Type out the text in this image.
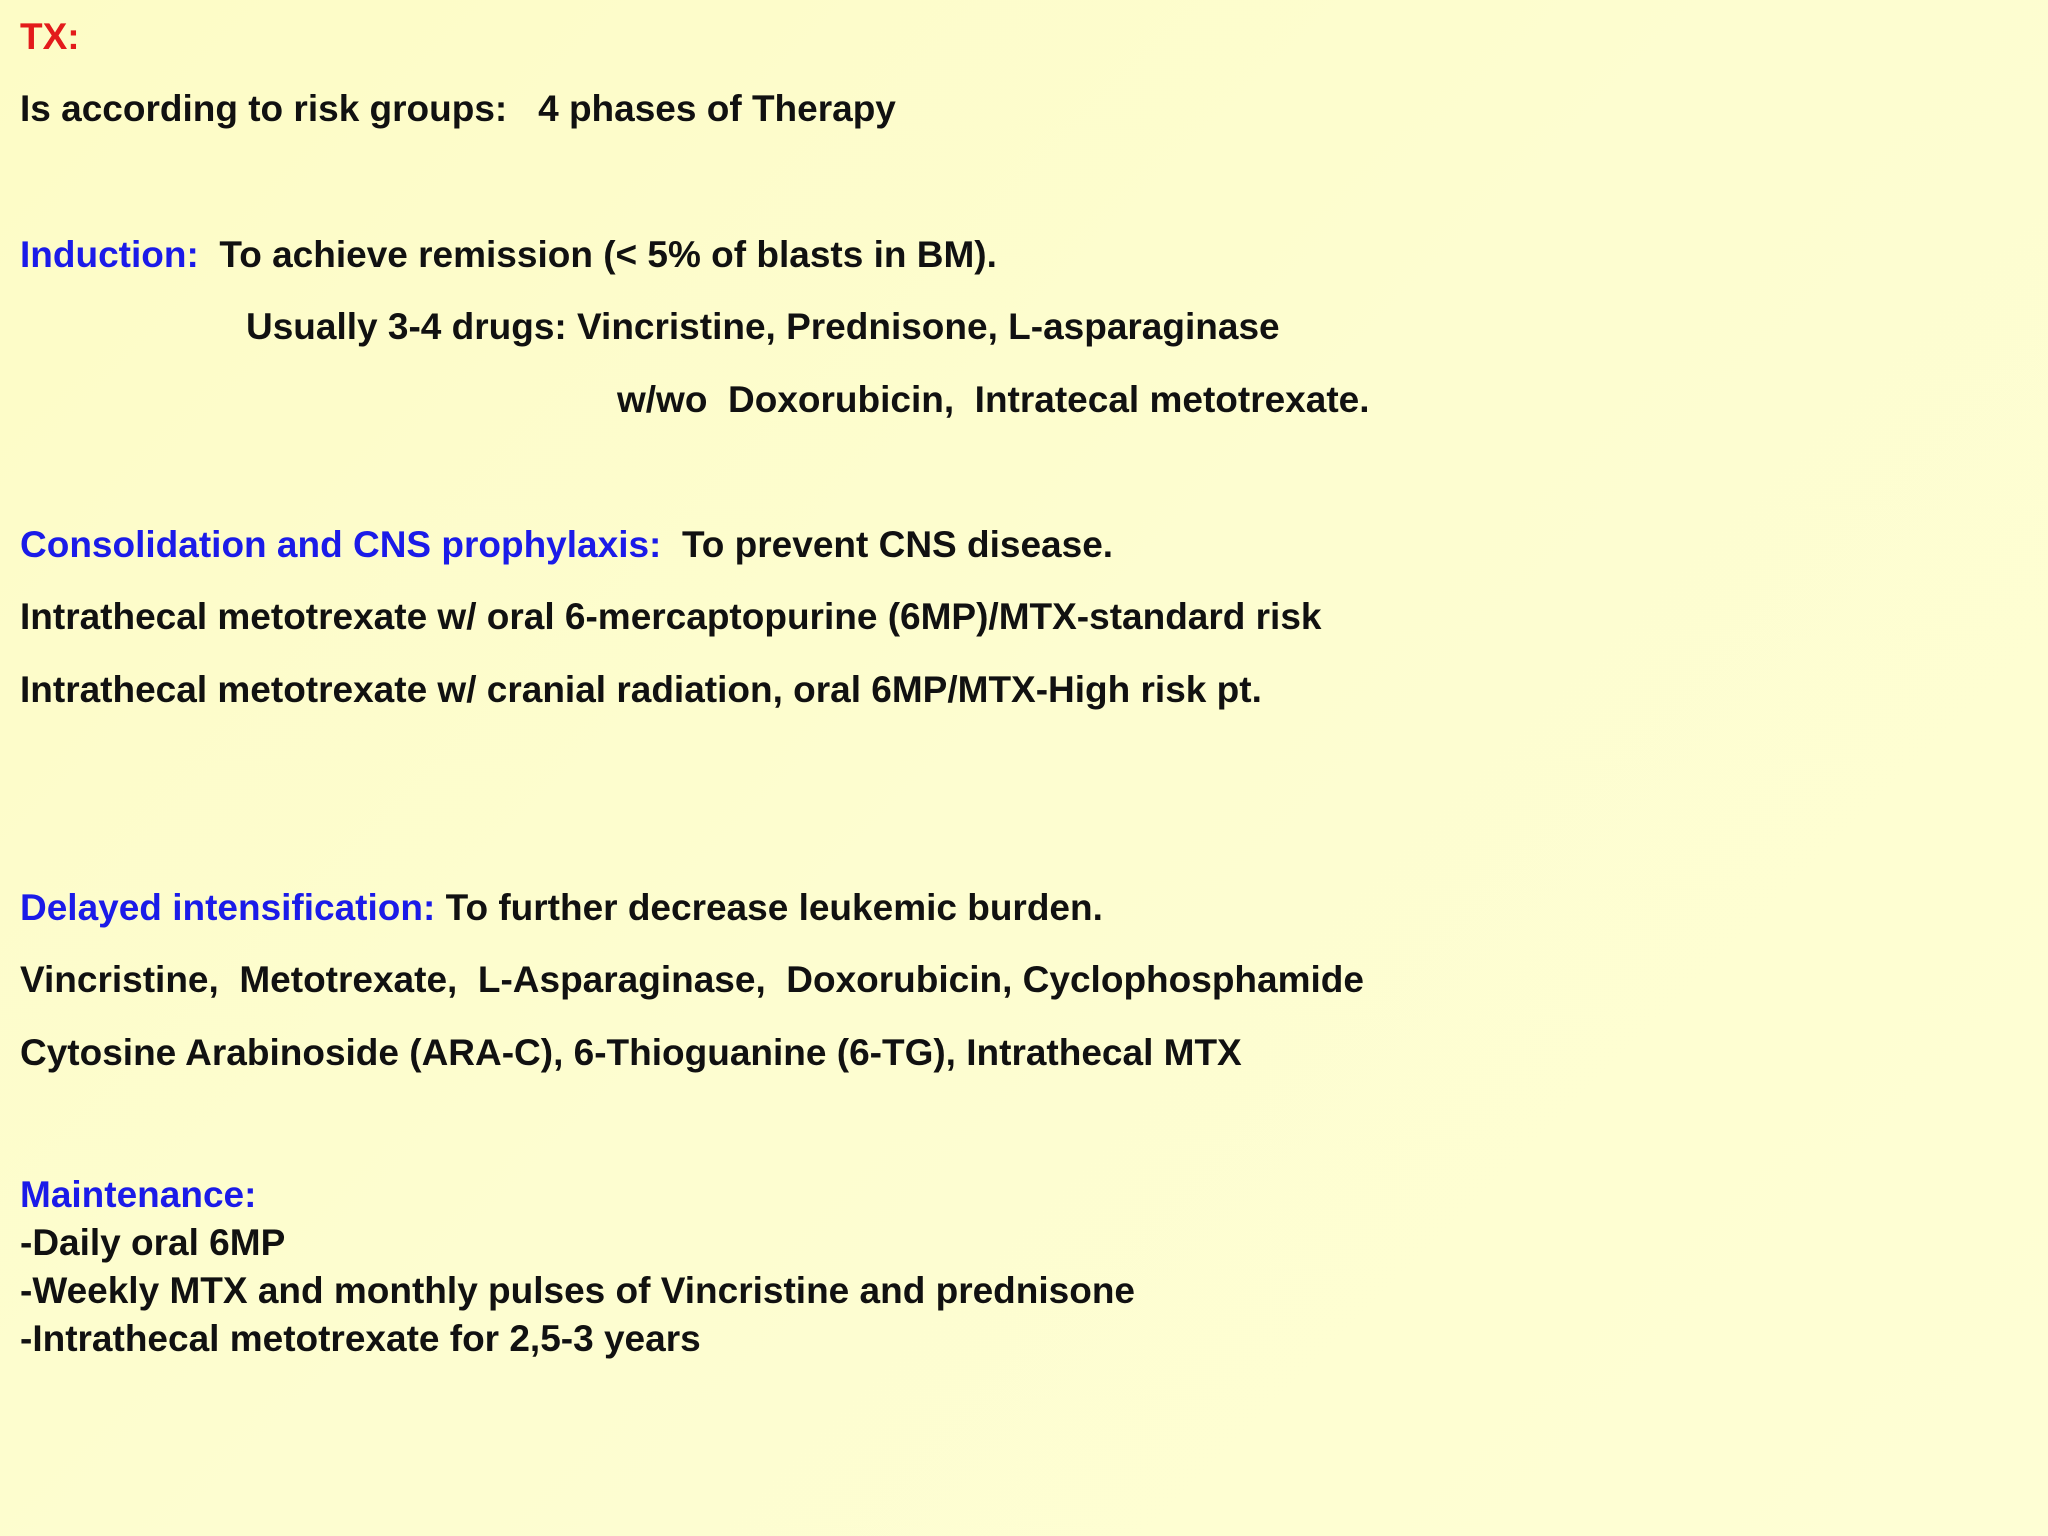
TX:
Is according to risk groups:   4 phases of Therapy
Induction:  To achieve remission (< 5% of blasts in BM).
Usually 3-4 drugs: Vincristine, Prednisone, L-asparaginase
w/wo  Doxorubicin,  Intratecal metotrexate.
Consolidation and CNS prophylaxis:  To prevent CNS disease.
Intrathecal metotrexate w/ oral 6-mercaptopurine (6MP)/MTX-standard risk
Intrathecal metotrexate w/ cranial radiation, oral 6MP/MTX-High risk pt.
Delayed intensification: To further decrease leukemic burden.
Vincristine,  Metotrexate,  L-Asparaginase,  Doxorubicin, Cyclophosphamide
Cytosine Arabinoside (ARA-C), 6-Thioguanine (6-TG), Intrathecal MTX
Maintenance:
-Daily oral 6MP
-Weekly MTX and monthly pulses of Vincristine and prednisone
-Intrathecal metotrexate for 2,5-3 years
